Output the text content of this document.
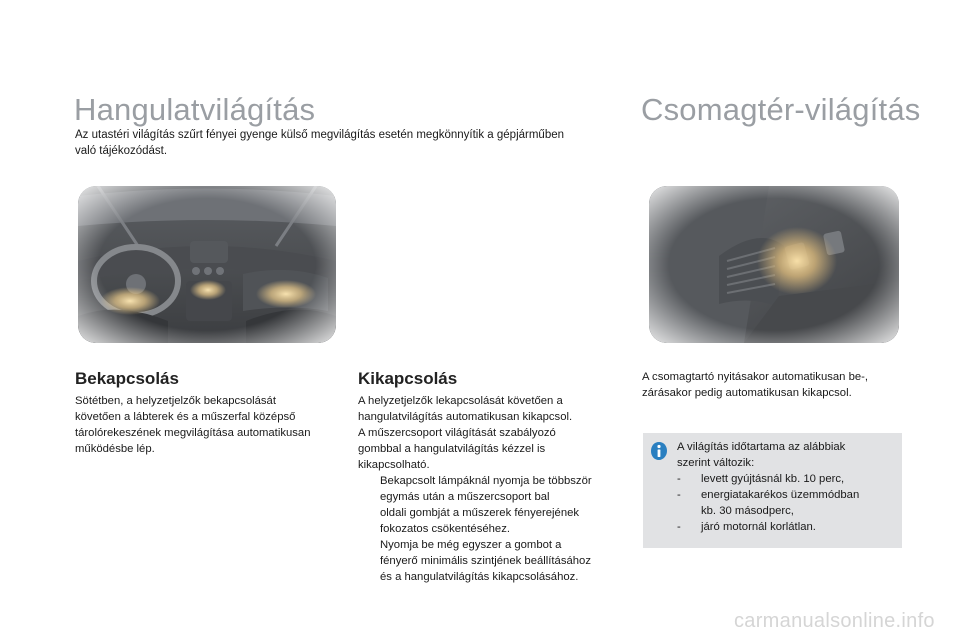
Hangulatvilágítás	Csomagtér-világítás
Az utastéri világítás szűrt fényei gyenge külső megvilágítás esetén megkönnyítik a gépjárműben
való tájékozódást.
Bekapcsolás

Sötétben, a helyzetjelzők bekapcsolását

követően a lábterek és a műszerfal középső

tárolórekeszének megvilágítása automatikusan

működésbe lép.

Kikapcsolás

A helyzetjelzők lekapcsolását követően a

hangulatvilágítás automatikusan kikapcsol.

A műszercsoport világítását szabályozó

gombbal a hangulatvilágítás kézzel is

kikapcsolható.

Bekapcsolt lámpáknál nyomja be többször

egymás után a műszercsoport bal

oldali gombját a műszerek fényerejének

fokozatos csökentéséhez.

Nyomja be még egyszer a gombot a

fényerő minimális szintjének beállításához

és a hangulatvilágítás kikapcsolásához.

A csomagtartó nyitásakor automatikusan be-,

zárásakor pedig automatikusan kikapcsol.

A világítás időtartama az alábbiak

szerint változik:

-	levett gyújtásnál kb. 10 perc,

-	energiatakarékos üzemmódban

kb. 30 másodperc,

-	járó motornál korlátlan.

carmanualsonline.info
